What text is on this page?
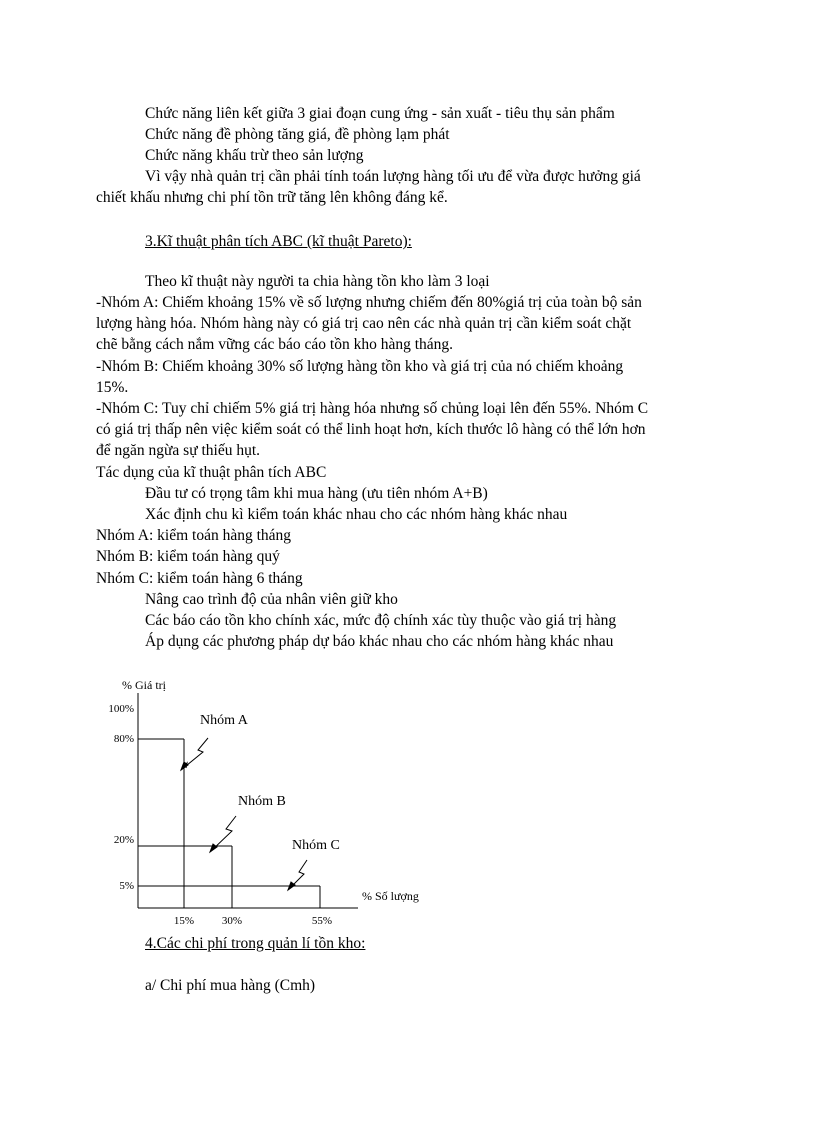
Chức năng liên kết giữa 3 giai đoạn cung ứng - sản xuất - tiêu thụ sản phẩm
Chức năng đề phòng tăng giá, đề phòng lạm phát
Chức năng khấu trừ theo sản lượng
Vì vậy nhà quản trị cần phải tính toán lượng hàng tối ưu để vừa được hưởng giá
chiết khấu nhưng chi phí tồn trữ tăng lên không đáng kể.
3.Kĩ thuật phân tích ABC (kĩ thuật Pareto):
Theo kĩ thuật này người ta chia hàng tồn kho làm 3 loại
-Nhóm A: Chiếm khoảng 15% về số lượng nhưng chiếm đến 80%giá trị của toàn bộ sản
lượng hàng hóa. Nhóm hàng này có giá trị cao nên các nhà quản trị cần kiểm soát chặt
chẽ bằng cách nắm vững các báo cáo tồn kho hàng tháng.
-Nhóm B: Chiếm khoảng 30% số lượng hàng tồn kho và giá trị của nó chiếm khoảng
15%.
-Nhóm C: Tuy chỉ chiếm 5% giá trị hàng hóa nhưng số chủng loại lên đến 55%. Nhóm C
có giá trị thấp nên việc kiểm soát có thể linh hoạt hơn, kích thước lô hàng có thể lớn hơn
để ngăn ngừa sự thiếu hụt.
Tác dụng của kĩ thuật phân tích ABC
Đầu tư có trọng tâm khi mua hàng (ưu tiên nhóm A+B)
Xác định chu kì kiểm toán khác nhau cho các nhóm hàng khác nhau
Nhóm A: kiểm toán hàng tháng
Nhóm B: kiểm toán hàng quý
Nhóm C: kiểm toán hàng 6 tháng
Nâng cao trình độ của nhân viên giữ kho
Các báo cáo tồn kho chính xác, mức độ chính xác tùy thuộc vào giá trị hàng
Áp dụng các phương pháp dự báo khác nhau cho các nhóm hàng khác nhau
% Giá trị
% Số lượng
100%
80%
20%
5%
15%	30%	55%
Nhóm A
Nhóm B
Nhóm C
4.Các chi phí trong quản lí tồn kho:
a/ Chi phí mua hàng (Cmh)
